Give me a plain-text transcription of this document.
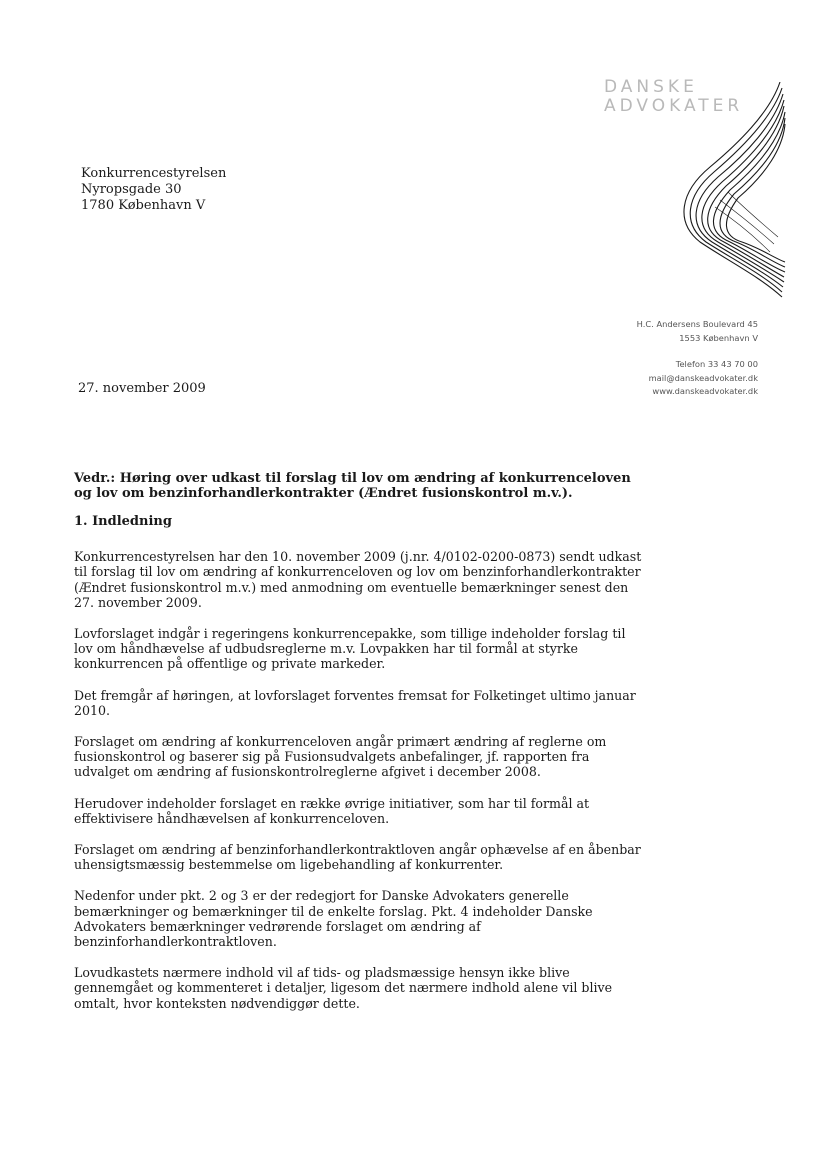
DANSKE
ADVOKATER
Konkurrencestyrelsen
Nyropsgade 30
1780 København V
H.C. Andersens Boulevard 45
1553 København V
Telefon 33 43 70 00
mail@danskeadvokater.dk
www.danskeadvokater.dk
27. november 2009

Vedr.: Høring over udkast til forslag til lov om ændring af konkurrenceloven og lov om benzinforhandlerkontrakter (Ændret fusionskontrol m.v.).

1. Indledning

Konkurrencestyrelsen har den 10. november 2009 (j.nr. 4/0102-0200-0873) sendt udkast til forslag til lov om ændring af konkurrenceloven og lov om benzinforhandlerkontrakter (Ændret fusionskontrol m.v.) med anmodning om eventuelle bemærkninger senest den 27. november 2009.

Lovforslaget indgår i regeringens konkurrencepakke, som tillige indeholder forslag til lov om håndhævelse af udbudsreglerne m.v. Lovpakken har til formål at styrke konkurrencen på offentlige og private markeder.

Det fremgår af høringen, at lovforslaget forventes fremsat for Folketinget ultimo januar 2010.

Forslaget om ændring af konkurrenceloven angår primært ændring af reglerne om fusionskontrol og baserer sig på Fusionsudvalgets anbefalinger, jf. rapporten fra udvalget om ændring af fusionskontrolreglerne afgivet i december 2008.

Herudover indeholder forslaget en række øvrige initiativer, som har til formål at effektivisere håndhævelsen af konkurrenceloven.

Forslaget om ændring af benzinforhandlerkontraktloven angår ophævelse af en åbenbar uhensigtsmæssig bestemmelse om ligebehandling af konkurrenter.

Nedenfor under pkt. 2 og 3 er der redegjort for Danske Advokaters generelle bemærkninger og bemærkninger til de enkelte forslag. Pkt. 4 indeholder Danske Advokaters bemærkninger vedrørende forslaget om ændring af benzinforhandlerkontraktloven.

Lovudkastets nærmere indhold vil af tids- og pladsmæssige hensyn ikke blive gennemgået og kommenteret i detaljer, ligesom det nærmere indhold alene vil blive omtalt, hvor konteksten nødvendiggør dette.
